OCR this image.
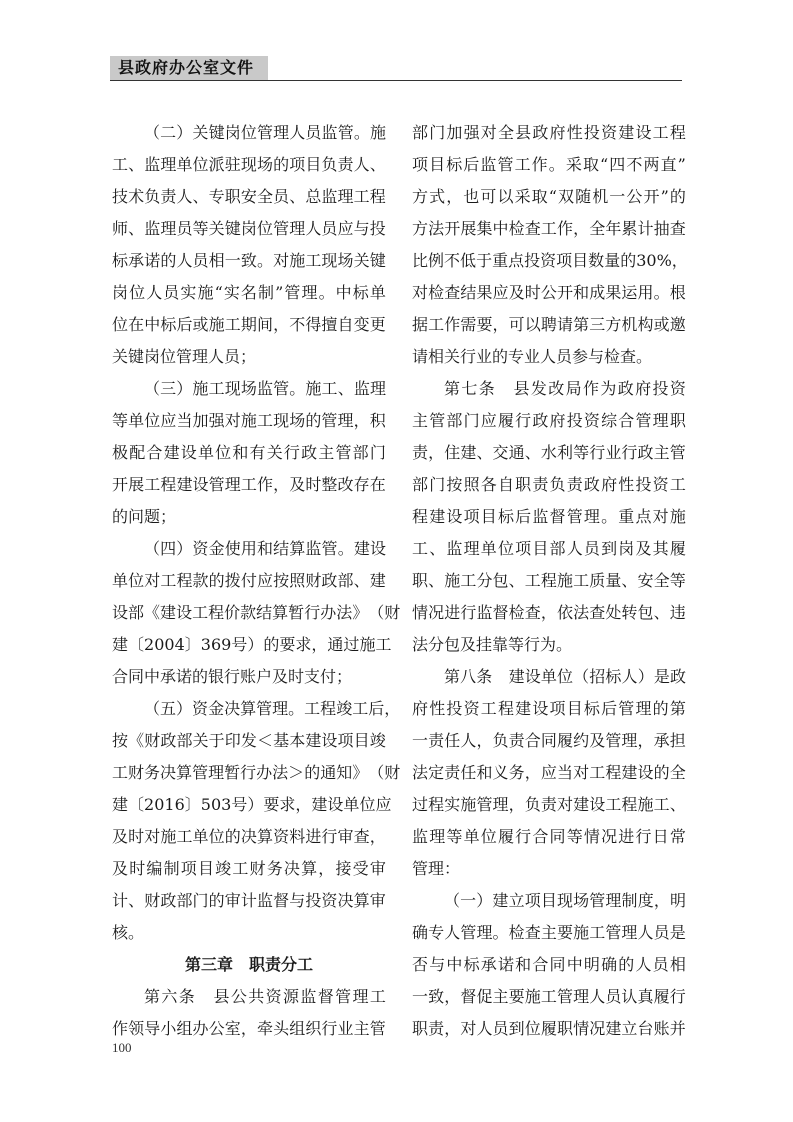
县政府办公室文件
（ 二 ） 关 键 岗 位 管 理 人 员 监 管 。 施
工 、 监 理 单 位 派 驻 现 场 的 项 目 负 责 人 、
技 术 负 责 人 、 专 职 安 全 员 、 总 监 理 工 程
师 、 监 理 员 等 关 键 岗 位 管 理 人 员 应 与 投
标 承 诺 的 人 员 相 一 致 。 对 施 工 现 场 关 键
岗 位 人 员 实 施 “ 实 名 制 ” 管 理 。 中 标 单
位 在 中 标 后 或 施 工 期 间 ， 不 得 擅 自 变 更
关键岗位管理人员；
（ 三 ） 施 工 现 场 监 管 。 施 工 、 监 理
等 单 位 应 当 加 强 对 施 工 现 场 的 管 理 ， 积
极 配 合 建 设 单 位 和 有 关 行 政 主 管 部 门
开 展 工 程 建 设 管 理 工 作 ， 及 时 整 改 存 在
的问题；
（ 四 ） 资 金 使 用 和 结 算 监 管 。 建 设
单 位 对 工 程 款 的 拨 付 应 按 照 财 政 部 、 建
设 部 《 建 设 工 程 价 款 结 算 暂 行 办 法 》 （ 财
建 〔 2004 〕 369 号 ） 的 要 求 ， 通 过 施 工
合同中承诺的银行账户及时支付；
（ 五 ） 资 金 决 算 管 理 。 工 程 竣 工 后 ，
按 《 财 政 部 关 于 印 发 ＜ 基 本 建 设 项 目 竣
工 财 务 决 算 管 理 暂 行 办 法 ＞ 的 通 知 》 （ 财
建 〔 2016 〕 503 号 ） 要 求 ， 建 设 单 位 应
及 时 对 施 工 单 位 的 决 算 资 料 进 行 审 查 ，
及 时 编 制 项 目 竣 工 财 务 决 算 ， 接 受 审
计 、 财 政 部 门 的 审 计 监 督 与 投 资 决 算 审
核。
第三章　职责分工
第 六 条
　 县 公 共 资 源 监 督 管 理 工
作 领 导 小 组 办 公 室 ， 牵 头 组 织 行 业 主 管
部 门 加 强 对 全 县 政 府 性 投 资 建 设 工 程
项 目 标 后 监 管 工 作 。 采 取 “ 四 不 两 直 ”
方 式 ， 也 可 以 采 取 “ 双 随 机 一 公 开 ” 的
方 法 开 展 集 中 检 查 工 作 ， 全 年 累 计 抽 查
比 例 不 低 于 重 点 投 资 项 目 数 量 的 30% ，
对 检 查 结 果 应 及 时 公 开 和 成 果 运 用 。 根
据 工 作 需 要 ， 可 以 聘 请 第 三 方 机 构 或 邀
请相关行业的专业人员参与检查。
第 七 条
　 县 发 改 局 作 为 政 府 投 资
主 管 部 门 应 履 行 政 府 投 资 综 合 管 理 职
责 ， 住 建 、 交 通 、 水 利 等 行 业 行 政 主 管
部 门 按 照 各 自 职 责 负 责 政 府 性 投 资 工
程 建 设 项 目 标 后 监 督 管 理 。 重 点 对 施
工 、 监 理 单 位 项 目 部 人 员 到 岗 及 其 履
职 、 施 工 分 包 、 工 程 施 工 质 量 、 安 全 等
情 况 进 行 监 督 检 查 ， 依 法 查 处 转 包 、 违
法分包及挂靠等行为。
第 八 条
　 建 设 单 位 （ 招 标 人 ） 是 政
府 性 投 资 工 程 建 设 项 目 标 后 管 理 的 第
一 责 任 人 ， 负 责 合 同 履 约 及 管 理 ， 承 担
法 定 责 任 和 义 务 ， 应 当 对 工 程 建 设 的 全
过 程 实 施 管 理 ， 负 责 对 建 设 工 程 施 工 、
监 理 等 单 位 履 行 合 同 等 情 况 进 行 日 常
管理：
（ 一 ） 建 立 项 目 现 场 管 理 制 度 ， 明
确 专 人 管 理 。 检 查 主 要 施 工 管 理 人 员 是
否 与 中 标 承 诺 和 合 同 中 明 确 的 人 员 相
一 致 ， 督 促 主 要 施 工 管 理 人 员 认 真 履 行
职 责 ， 对 人 员 到 位 履 职 情 况 建 立 台 账 并
100
